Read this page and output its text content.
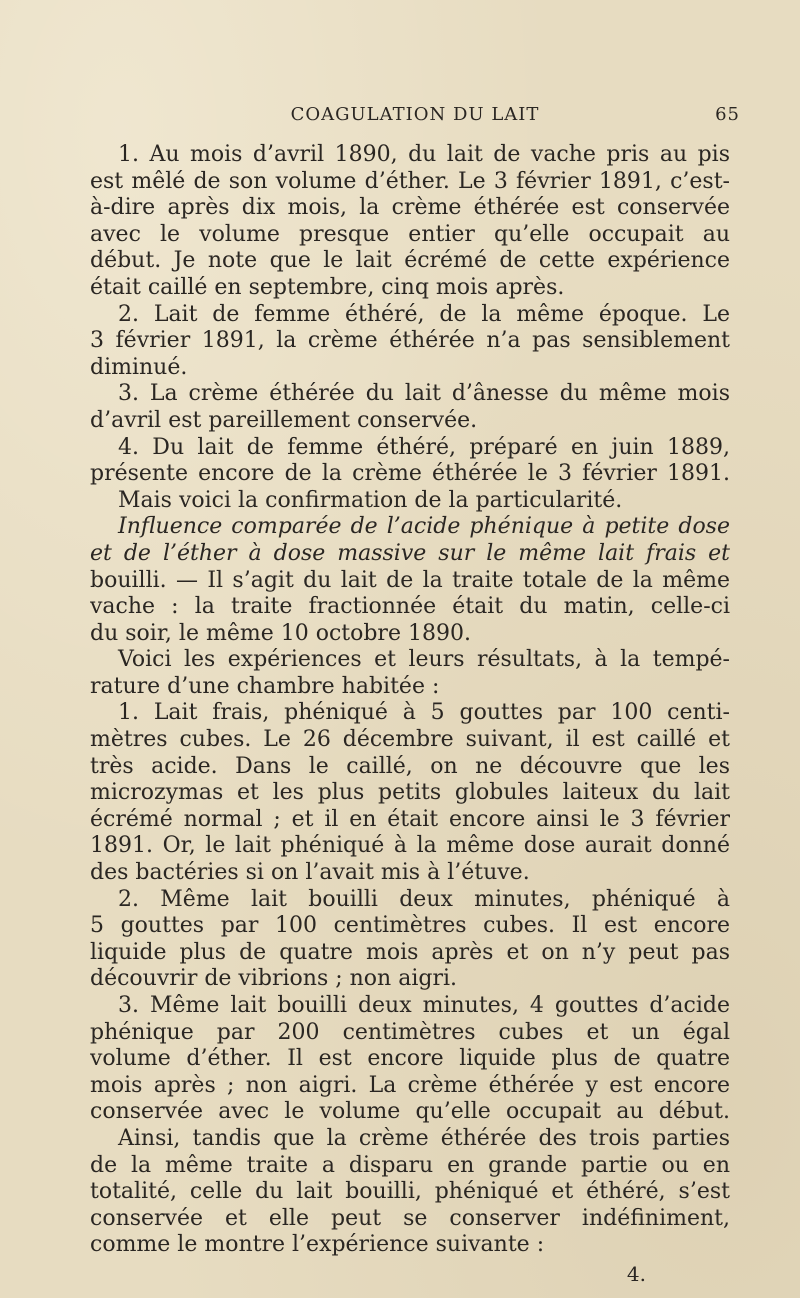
COAGULATION DU LAIT	65
1. Au mois d’avril 1890, du lait de vache pris au pis
est mêlé de son volume d’éther. Le 3 février 1891, c’est-
à-dire après dix mois, la crème éthérée est conservée
avec le volume presque entier qu’elle occupait au
début. Je note que le lait écrémé de cette expérience
était caillé en septembre, cinq mois après.
2. Lait de femme éthéré, de la même époque. Le
3 février 1891, la crème éthérée n’a pas sensiblement
diminué.
3. La crème éthérée du lait d’ânesse du même mois
d’avril est pareillement conservée.
4. Du lait de femme éthéré, préparé en juin 1889,
présente encore de la crème éthérée le 3 février 1891.
Mais voici la confirmation de la particularité.
Influence comparée de l’acide phénique à petite dose
et de l’éther à dose massive sur le même lait frais et
bouilli. — Il s’agit du lait de la traite totale de la même
vache : la traite fractionnée était du matin, celle-ci
du soir, le même 10 octobre 1890.
Voici les expériences et leurs résultats, à la tempé-
rature d’une chambre habitée :
1. Lait frais, phéniqué à 5 gouttes par 100 centi-
mètres cubes. Le 26 décembre suivant, il est caillé et
très acide. Dans le caillé, on ne découvre que les
microzymas et les plus petits globules laiteux du lait
écrémé normal ; et il en était encore ainsi le 3 février
1891. Or, le lait phéniqué à la même dose aurait donné
des bactéries si on l’avait mis à l’étuve.
2. Même lait bouilli deux minutes, phéniqué à
5 gouttes par 100 centimètres cubes. Il est encore
liquide plus de quatre mois après et on n’y peut pas
découvrir de vibrions ; non aigri.
3. Même lait bouilli deux minutes, 4 gouttes d’acide
phénique par 200 centimètres cubes et un égal
volume d’éther. Il est encore liquide plus de quatre
mois après ; non aigri. La crème éthérée y est encore
conservée avec le volume qu’elle occupait au début.
Ainsi, tandis que la crème éthérée des trois parties
de la même traite a disparu en grande partie ou en
totalité, celle du lait bouilli, phéniqué et éthéré, s’est
conservée et elle peut se conserver indéfiniment,
comme le montre l’expérience suivante :
4.
